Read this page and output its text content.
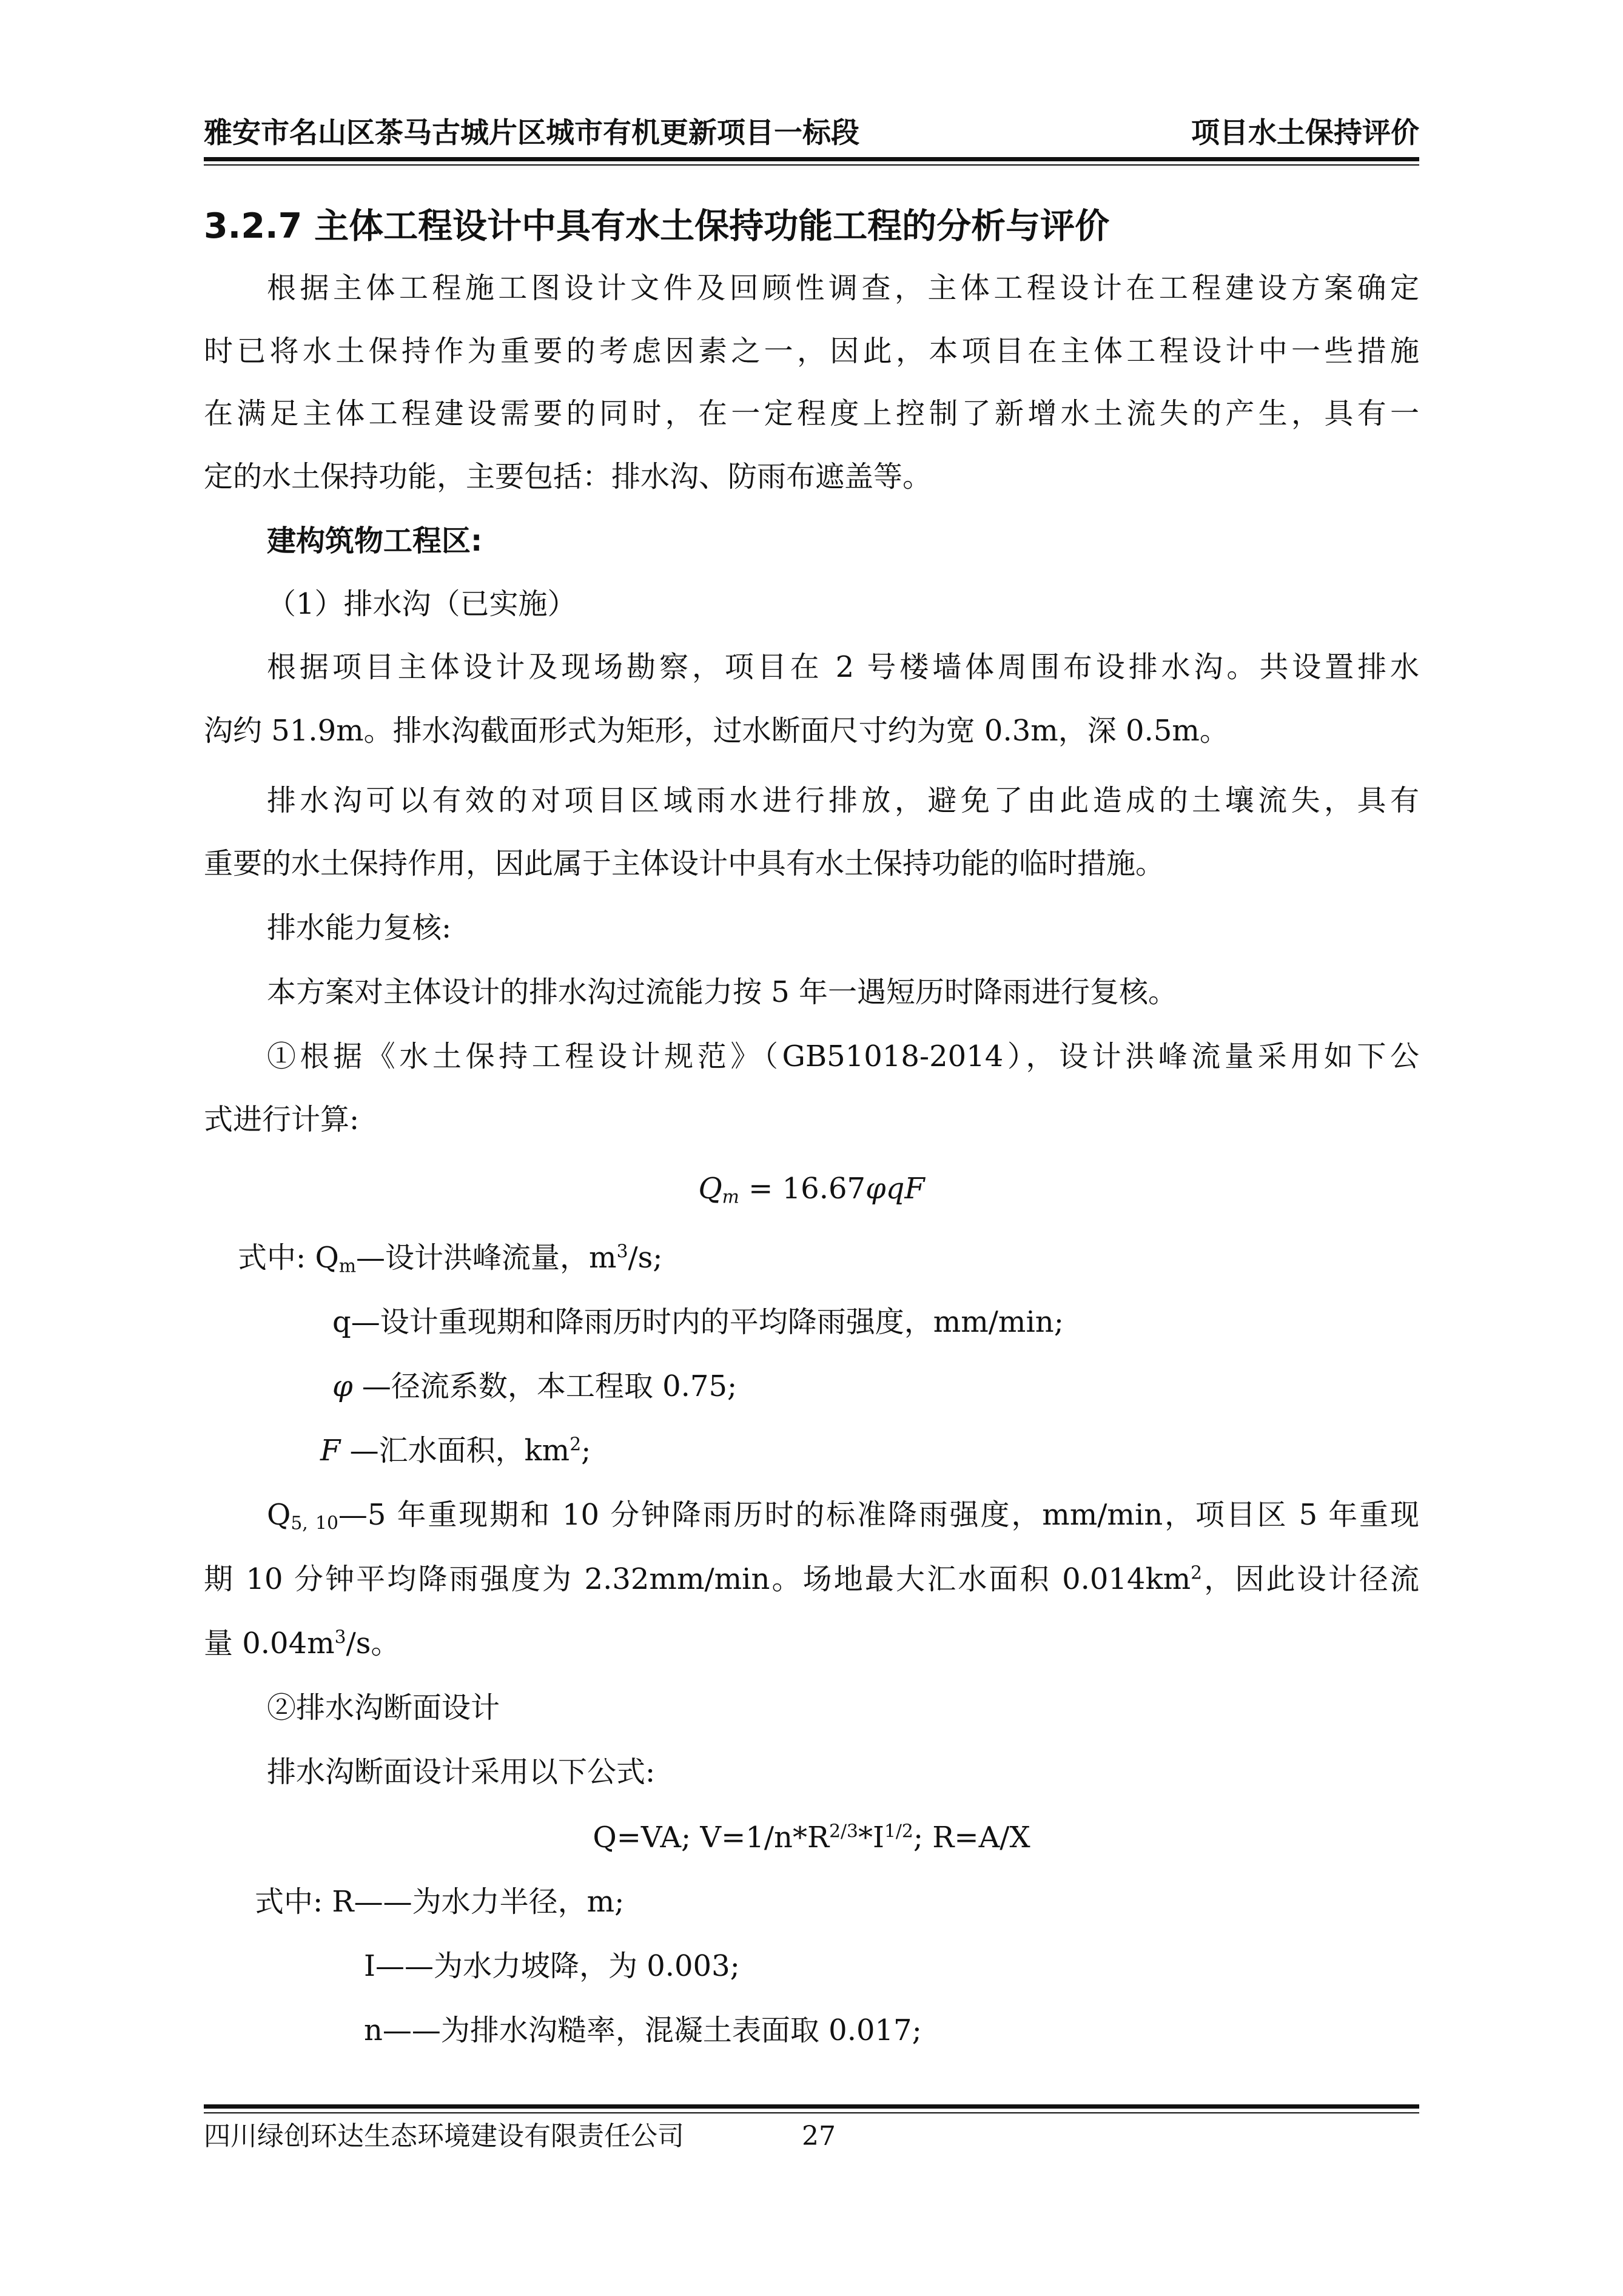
雅安市名山区茶马古城片区城市有机更新项目一标段	项目水土保持评价
3.2.7 主体工程设计中具有水土保持功能工程的分析与评价
根据主体工程施工图设计文件及回顾性调查，主体工程设计在工程建设方案确定
时已将水土保持作为重要的考虑因素之一，因此，本项目在主体工程设计中一些措施
在满足主体工程建设需要的同时，在一定程度上控制了新增水土流失的产生，具有一
定的水土保持功能，主要包括：排水沟、防雨布遮盖等。
建构筑物工程区:
（1）排水沟（已实施）
根据项目主体设计及现场勘察，项目在 2 号楼墙体周围布设排水沟。共设置排水
沟约 51.9m。排水沟截面形式为矩形，过水断面尺寸约为宽 0.3m，深 0.5m。
排水沟可以有效的对项目区域雨水进行排放，避免了由此造成的土壤流失，具有
重要的水土保持作用，因此属于主体设计中具有水土保持功能的临时措施。
排水能力复核:
本方案对主体设计的排水沟过流能力按 5 年一遇短历时降雨进行复核。
①根据《水土保持工程设计规范》（GB51018-2014），设计洪峰流量采用如下公
式进行计算:
$Q_m = 16.67\varphi qF$
式中: $Q_m—$设计洪峰流量，$m^3/s$;
q—设计重现期和降雨历时内的平均降雨强度，mm/min;
φ —径流系数，本工程取 0.75;
F —汇水面积，$km^2$;
$Q_{5, 10}—5$ 年重现期和 10 分钟降雨历时的标准降雨强度，mm/min，项目区 5 年重现
期 10 分钟平均降雨强度为 2.32mm/min。场地最大汇水面积 $0.014km^2$，因此设计径流
量 $0.04m^3/s$。
②排水沟断面设计
排水沟断面设计采用以下公式:
Q=VA; $V=1/n*R^{2/3}*I^{1/2}$; R=A/X
式中: R——为水力半径，m;
I——为水力坡降，为 0.003;
n——为排水沟糙率，混凝土表面取 0.017;
四川绿创环达生态环境建设有限责任公司	27
